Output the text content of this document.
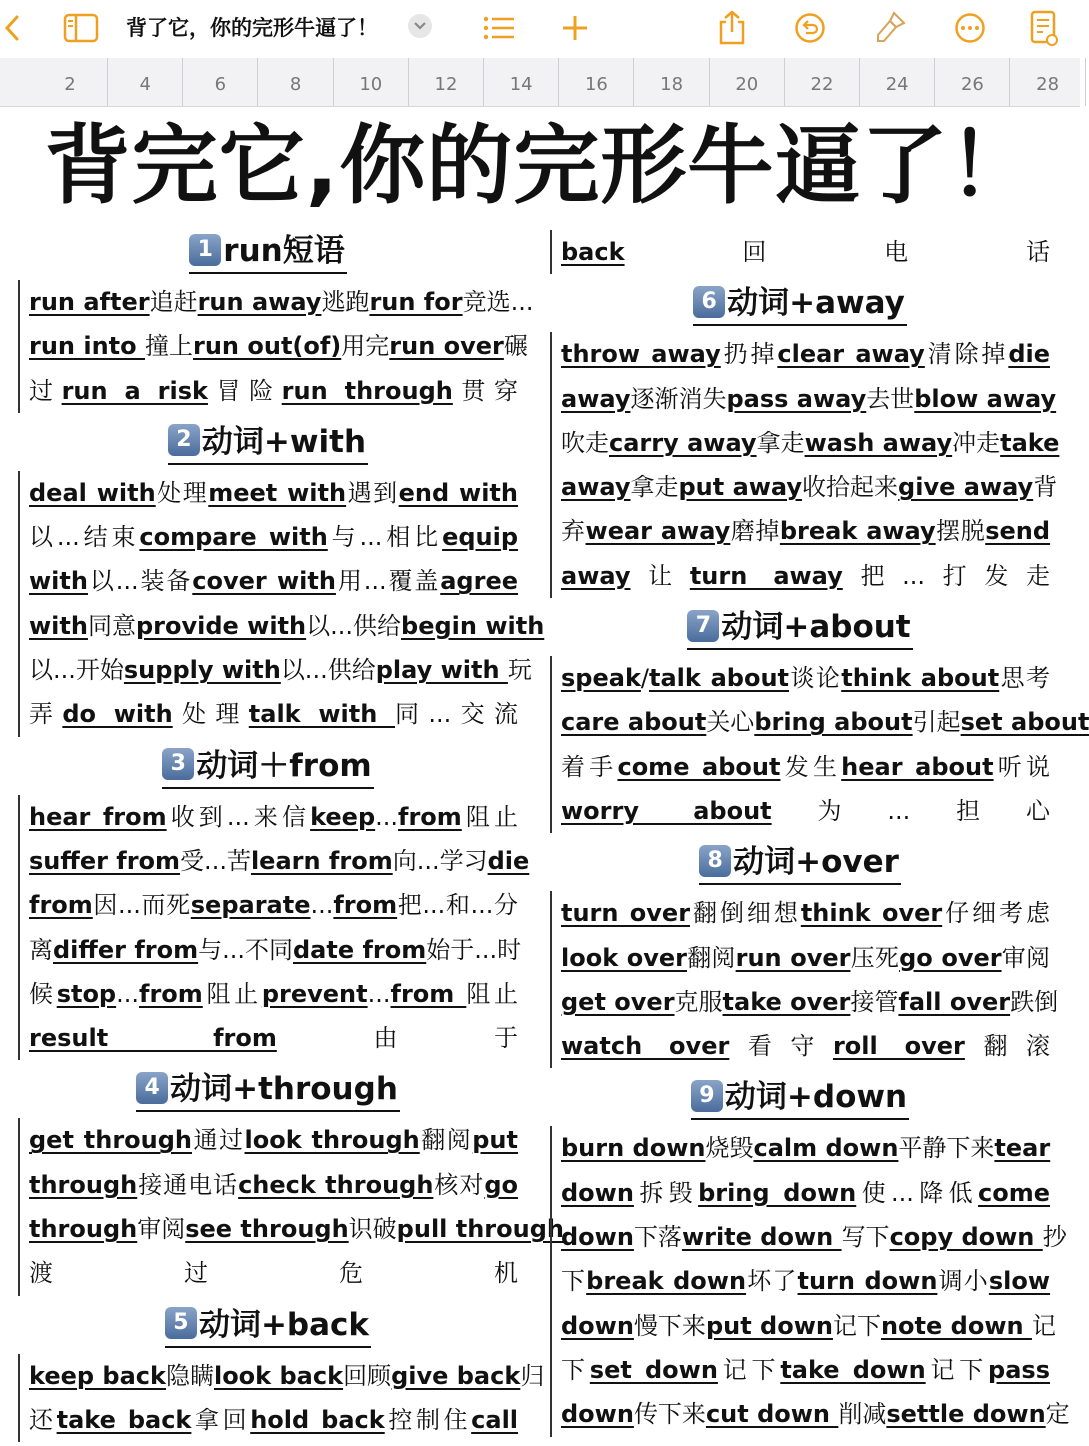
背了它，你的完形牛逼了！
2	4	6	8	10	12	14	16	18	20	22	24	26	28
背完它,你的完形牛逼了！
1 run短语
run after追赶run away逃跑run for竞选...
run into 撞上run out(of)用完run over碾
过run a risk冒险run through贯穿
2 动词+with
deal with处理meet with遇到end with
以...结束compare with与...相比equip
with以...装备cover with用...覆盖agree
with同意provide with以...供给begin with
以...开始supply with以...供给play with 玩
弄do with处理talk with 同...交流
3 动词＋from
hear from收到...来信keep...from阻止
suffer from受...苦learn from向...学习die
from因...而死separate...from把...和...分
离differ from与...不同date from始于...时
候stop...from阻止prevent...from 阻止
result from由于
4 动词+through
get through通过look through翻阅put
through接通电话check through核对go
through审阅see through识破pull through
渡过危机
5 动词+back
keep back隐瞒look back回顾give back归
还take back拿回hold back控制住call
back回电话
6 动词+away
throw away扔掉clear away清除掉die
away逐渐消失pass away去世blow away
吹走carry away拿走wash away冲走take
away拿走put away收拾起来give away背
弃wear away磨掉break away摆脱send
away让turn away把...打发走
7 动词+about
speak/talk about谈论think about思考
care about关心bring about引起set about
着手come about发生hear about听说
worry about为...担心
8 动词+over
turn over翻倒细想think over仔细考虑
look over翻阅run over压死go over审阅
get over克服take over接管fall over跌倒
watch over看守roll over翻滚
9 动词+down
burn down烧毁calm down平静下来tear
down拆毁bring down使...降低come
down下落write down 写下copy down 抄
下break down坏了turn down调小slow
down慢下来put down记下note down 记
下set down记下take down记下pass
down传下来cut down 削减settle down定
